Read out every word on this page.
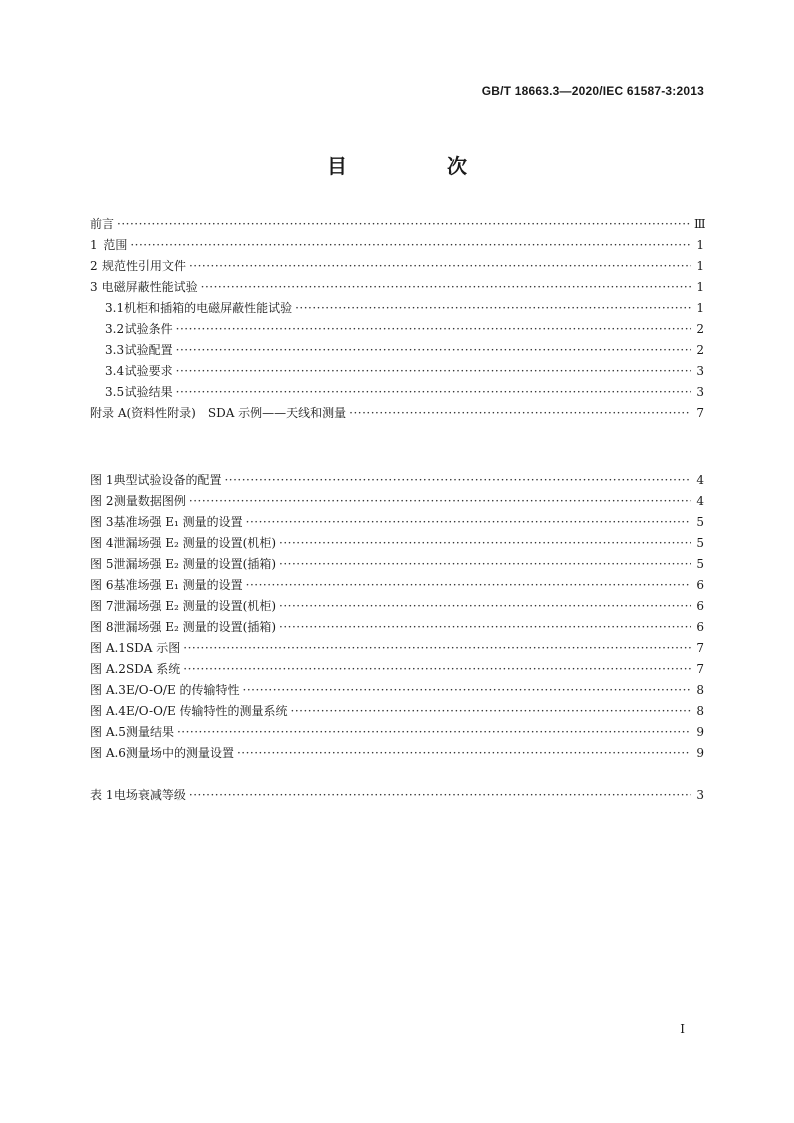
GB/T 18663.3—2020/IEC 61587-3:2013
目　次
前言 ·····	Ⅲ
1 范围 ·····	1
2 规范性引用文件 ·····	1
3 电磁屏蔽性能试验 ·····	1
3.1 机柜和插箱的电磁屏蔽性能试验 ·····	1
3.2 试验条件 ·····	2
3.3 试验配置 ·····	2
3.4 试验要求 ·····	3
3.5 试验结果 ·····	3
附录 A (资料性附录)　SDA 示例——天线和测量 ·····	7
图 1 典型试验设备的配置 ·····	4
图 2 测量数据图例 ·····	4
图 3 基准场强 E₁ 测量的设置 ·····	5
图 4 泄漏场强 E₂ 测量的设置(机柜) ·····	5
图 5 泄漏场强 E₂ 测量的设置(插箱) ·····	5
图 6 基准场强 E₁ 测量的设置 ·····	6
图 7 泄漏场强 E₂ 测量的设置(机柜) ·····	6
图 8 泄漏场强 E₂ 测量的设置(插箱) ·····	6
图 A.1 SDA 示图 ·····	7
图 A.2 SDA 系统 ·····	7
图 A.3 E/O-O/E 的传输特性 ·····	8
图 A.4 E/O-O/E 传输特性的测量系统 ·····	8
图 A.5 测量结果 ·····	9
图 A.6 测量场中的测量设置 ·····	9
表 1 电场衰减等级 ·····	3
I
